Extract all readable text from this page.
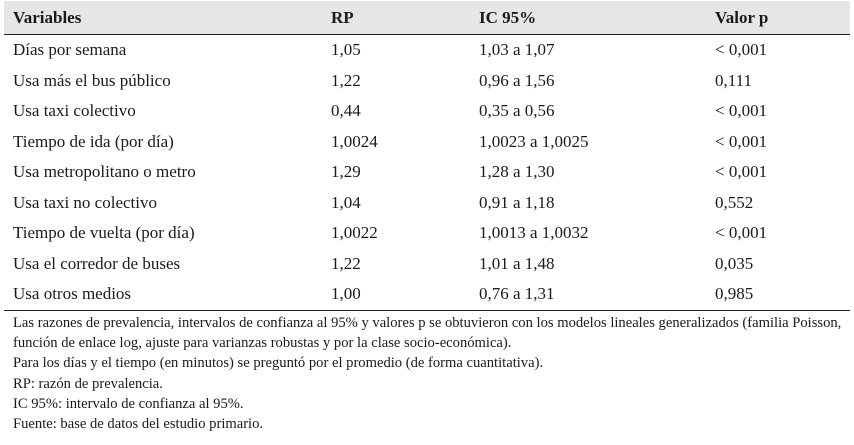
Variables	RP	IC 95%	Valor p
Días por semana	1,05	1,03 a 1,07	< 0,001
Usa más el bus público	1,22	0,96 a 1,56	0,111
Usa taxi colectivo	0,44	0,35 a 0,56	< 0,001
Tiempo de ida (por día)	1,0024	1,0023 a 1,0025	< 0,001
Usa metropolitano o metro	1,29	1,28 a 1,30	< 0,001
Usa taxi no colectivo	1,04	0,91 a 1,18	0,552
Tiempo de vuelta (por día)	1,0022	1,0013 a 1,0032	< 0,001
Usa el corredor de buses	1,22	1,01 a 1,48	0,035
Usa otros medios	1,00	0,76 a 1,31	0,985

Las razones de prevalencia, intervalos de confianza al 95% y valores p se obtuvieron con los modelos lineales generalizados (familia Poisson, función de enlace log, ajuste para varianzas robustas y por la clase socio-económica).

Para los días y el tiempo (en minutos) se preguntó por el promedio (de forma cuantitativa).

RP: razón de prevalencia.

IC 95%: intervalo de confianza al 95%.

Fuente: base de datos del estudio primario.
